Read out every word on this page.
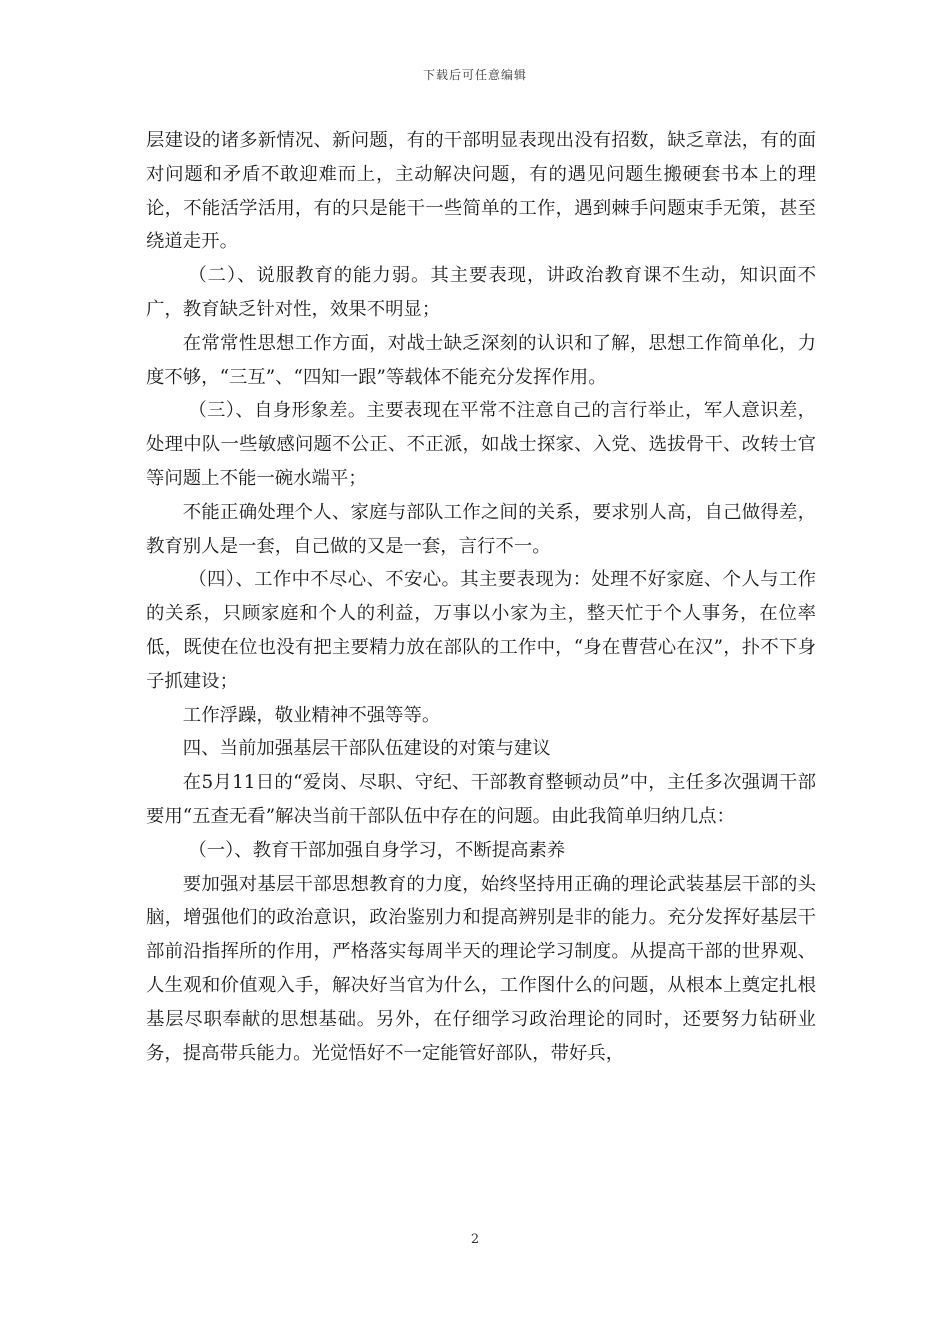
下载后可任意编辑

层建设的诸多新情况、新问题，有的干部明显表现出没有招数，缺乏章法，有的面对问题和矛盾不敢迎难而上，主动解决问题，有的遇见问题生搬硬套书本上的理论，不能活学活用，有的只是能干一些简单的工作，遇到棘手问题束手无策，甚至绕道走开。

（二）、说服教育的能力弱。其主要表现，讲政治教育课不生动，知识面不广，教育缺乏针对性，效果不明显；

在常常性思想工作方面，对战士缺乏深刻的认识和了解，思想工作简单化，力度不够，“三互”、“四知一跟”等载体不能充分发挥作用。

（三）、自身形象差。主要表现在平常不注意自己的言行举止，军人意识差，处理中队一些敏感问题不公正、不正派，如战士探家、入党、选拔骨干、改转士官等问题上不能一碗水端平；

不能正确处理个人、家庭与部队工作之间的关系，要求别人高，自己做得差，教育别人是一套，自己做的又是一套，言行不一。

（四）、工作中不尽心、不安心。其主要表现为：处理不好家庭、个人与工作的关系，只顾家庭和个人的利益，万事以小家为主，整天忙于个人事务，在位率低，既使在位也没有把主要精力放在部队的工作中，“身在曹营心在汉”，扑不下身子抓建设；

工作浮躁，敬业精神不强等等。

四、当前加强基层干部队伍建设的对策与建议

在5月11日的“爱岗、尽职、守纪、干部教育整顿动员”中，主任多次强调干部要用“五查无看”解决当前干部队伍中存在的问题。由此我简单归纳几点：

（一）、教育干部加强自身学习，不断提高素养

要加强对基层干部思想教育的力度，始终坚持用正确的理论武装基层干部的头脑，增强他们的政治意识，政治鉴别力和提高辨别是非的能力。充分发挥好基层干部前沿指挥所的作用，严格落实每周半天的理论学习制度。从提高干部的世界观、人生观和价值观入手，解决好当官为什么，工作图什么的问题，从根本上奠定扎根基层尽职奉献的思想基础。另外，在仔细学习政治理论的同时，还要努力钻研业务，提高带兵能力。光觉悟好不一定能管好部队，带好兵，

2
